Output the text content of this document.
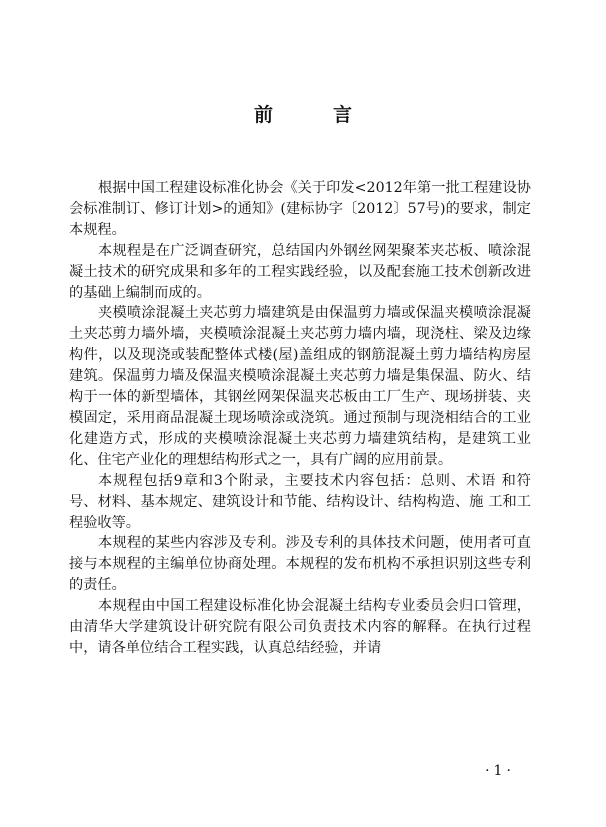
前	言

根据中国工程建设标准化协会《关于印发<2012年第一批工程建设协会标准制订、修订计划>的通知》(建标协字〔2012〕57号)的要求，制定本规程。

本规程是在广泛调查研究，总结国内外钢丝网架聚苯夹芯板、喷涂混凝土技术的研究成果和多年的工程实践经验，以及配套施工技术创新改进的基础上编制而成的。

夹模喷涂混凝土夹芯剪力墙建筑是由保温剪力墙或保温夹模喷涂混凝土夹芯剪力墙外墙，夹模喷涂混凝土夹芯剪力墙内墙，现浇柱、梁及边缘构件，以及现浇或装配整体式楼(屋)盖组成的钢筋混凝土剪力墙结构房屋建筑。保温剪力墙及保温夹模喷涂混凝土夹芯剪力墙是集保温、防火、结构于一体的新型墙体，其钢丝网架保温夹芯板由工厂生产、现场拼装、夹模固定，采用商品混凝土现场喷涂或浇筑。通过预制与现浇相结合的工业化建造方式，形成的夹模喷涂混凝土夹芯剪力墙建筑结构，是建筑工业化、住宅产业化的理想结构形式之一，具有广阔的应用前景。

本规程包括9章和3个附录，主要技术内容包括：总则、术语 和符号、材料、基本规定、建筑设计和节能、结构设计、结构构造、施 工和工程验收等。

本规程的某些内容涉及专利。涉及专利的具体技术问题，使用者可直接与本规程的主编单位协商处理。本规程的发布机构不承担识别这些专利的责任。

本规程由中国工程建设标准化协会混凝土结构专业委员会归口管理，由清华大学建筑设计研究院有限公司负责技术内容的解释。在执行过程中，请各单位结合工程实践，认真总结经验，并请

·1·
